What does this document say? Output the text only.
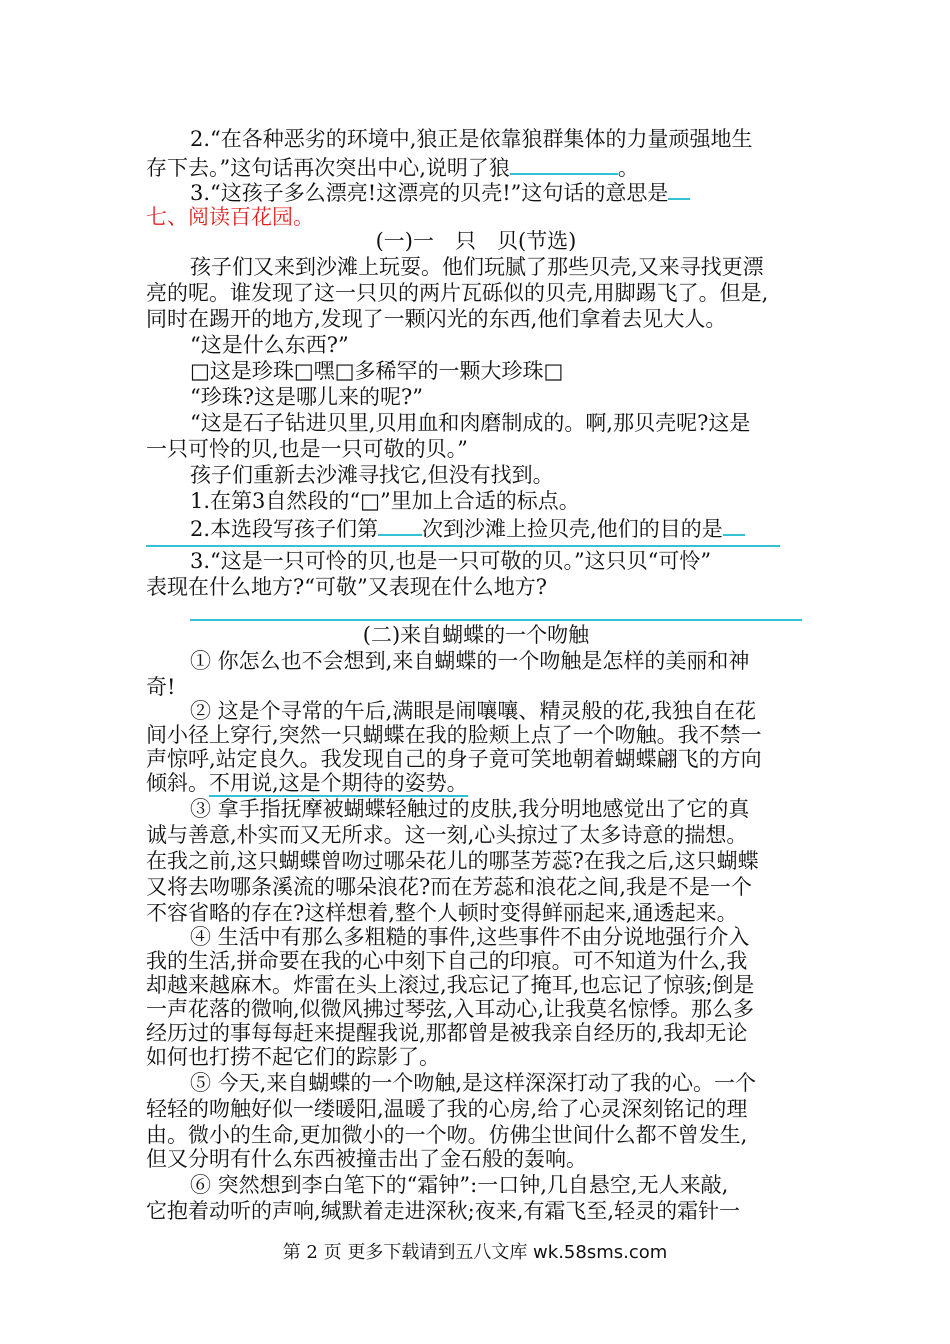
2.“在各种恶劣的环境中,狼正是依靠狼群集体的力量顽强地生
存下去。”这句话再次突出中心,说明了狼	。
3.“这孩子多么漂亮!这漂亮的贝壳!”这句话的意思是
七、阅读百花园。
(一)一　只　贝(节选)
孩子们又来到沙滩上玩耍。他们玩腻了那些贝壳,又来寻找更漂
亮的呢。谁发现了这一只贝的两片瓦砾似的贝壳,用脚踢飞了。但是,
同时在踢开的地方,发现了一颗闪光的东西,他们拿着去见大人。
“这是什么东西?”
□这是珍珠□嘿□多稀罕的一颗大珍珠□
“珍珠?这是哪儿来的呢?”
“这是石子钻进贝里,贝用血和肉磨制成的。啊,那贝壳呢?这是
一只可怜的贝,也是一只可敬的贝。”
孩子们重新去沙滩寻找它,但没有找到。
1.在第3自然段的“□”里加上合适的标点。
2.本选段写孩子们第 次到沙滩上捡贝壳,他们的目的是
3.“这是一只可怜的贝,也是一只可敬的贝。”这只贝“可怜”
表现在什么地方?“可敬”又表现在什么地方?
(二)来自蝴蝶的一个吻触
① 你怎么也不会想到,来自蝴蝶的一个吻触是怎样的美丽和神
奇!
② 这是个寻常的午后,满眼是闹嚷嚷、精灵般的花,我独自在花
间小径上穿行,突然一只蝴蝶在我的脸颊上点了一个吻触。我不禁一
声惊呼,站定良久。我发现自己的身子竟可笑地朝着蝴蝶翩飞的方向
倾斜。不用说,这是个期待的姿势。
③ 拿手指抚摩被蝴蝶轻触过的皮肤,我分明地感觉出了它的真
诚与善意,朴实而又无所求。这一刻,心头掠过了太多诗意的揣想。
在我之前,这只蝴蝶曾吻过哪朵花儿的哪茎芳蕊?在我之后,这只蝴蝶
又将去吻哪条溪流的哪朵浪花?而在芳蕊和浪花之间,我是不是一个
不容省略的存在?这样想着,整个人顿时变得鲜丽起来,通透起来。
④ 生活中有那么多粗糙的事件,这些事件不由分说地强行介入
我的生活,拼命要在我的心中刻下自己的印痕。可不知道为什么,我
却越来越麻木。炸雷在头上滚过,我忘记了掩耳,也忘记了惊骇;倒是
一声花落的微响,似微风拂过琴弦,入耳动心,让我莫名惊悸。那么多
经历过的事每每赶来提醒我说,那都曾是被我亲自经历的,我却无论
如何也打捞不起它们的踪影了。
⑤ 今天,来自蝴蝶的一个吻触,是这样深深打动了我的心。一个
轻轻的吻触好似一缕暖阳,温暖了我的心房,给了心灵深刻铭记的理
由。微小的生命,更加微小的一个吻。仿佛尘世间什么都不曾发生,
但又分明有什么东西被撞击出了金石般的轰响。
⑥ 突然想到李白笔下的“霜钟”:一口钟,几自悬空,无人来敲,
它抱着动听的声响,缄默着走进深秋;夜来,有霜飞至,轻灵的霜针一
第 2 页 更多下载请到五八文库 wk.58sms.com
